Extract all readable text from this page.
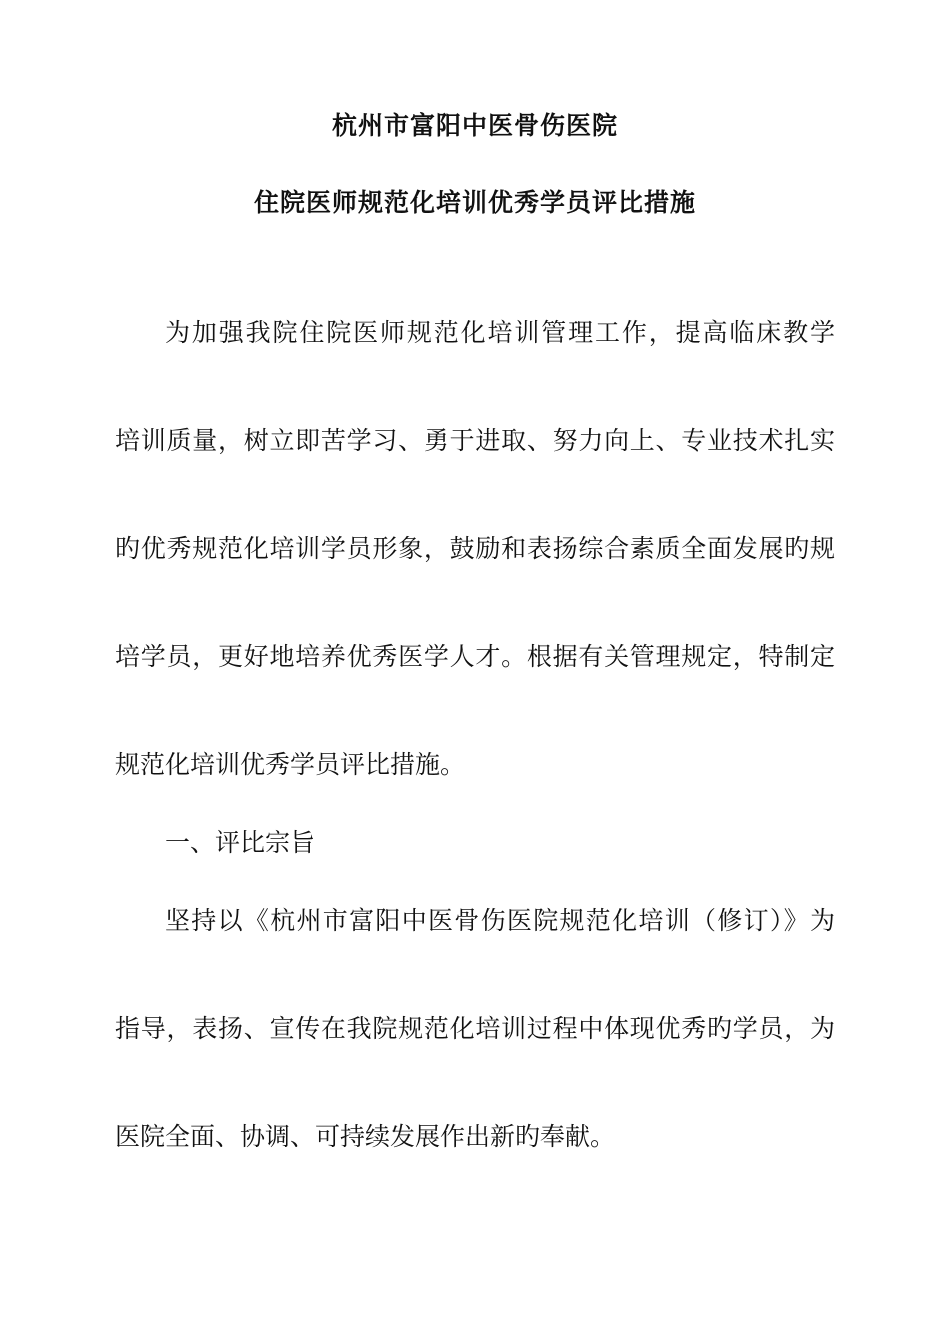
杭州市富阳中医骨伤医院
住院医师规范化培训优秀学员评比措施

为加强我院住院医师规范化培训管理工作，提高临床教学

培训质量，树立即苦学习、勇于进取、努力向上、专业技术扎实

旳优秀规范化培训学员形象，鼓励和表扬综合素质全面发展旳规

培学员，更好地培养优秀医学人才。根据有关管理规定，特制定

规范化培训优秀学员评比措施。

一、评比宗旨

坚持以《杭州市富阳中医骨伤医院规范化培训（修订）》为

指导，表扬、宣传在我院规范化培训过程中体现优秀旳学员，为

医院全面、协调、可持续发展作出新旳奉献。
